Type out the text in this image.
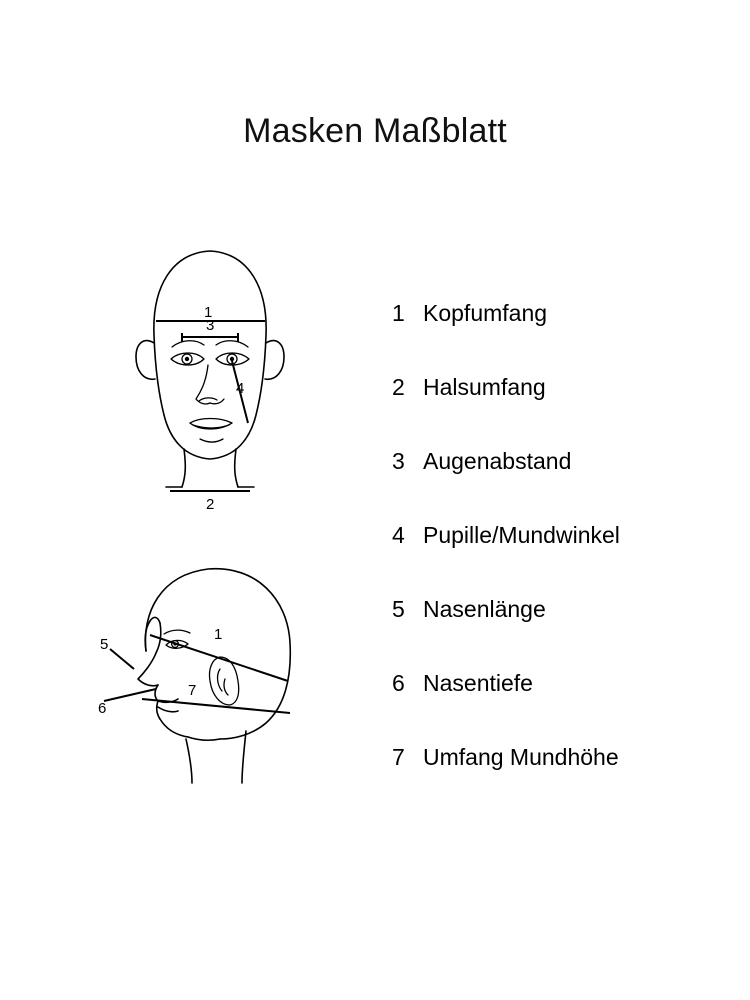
Masken Maßblatt
1
3
4
2
1
7
5
6
1 Kopfumfang
2 Halsumfang
3 Augenabstand
4 Pupille/Mundwinkel
5 Nasenlänge
6 Nasentiefe
7 Umfang Mundhöhe
